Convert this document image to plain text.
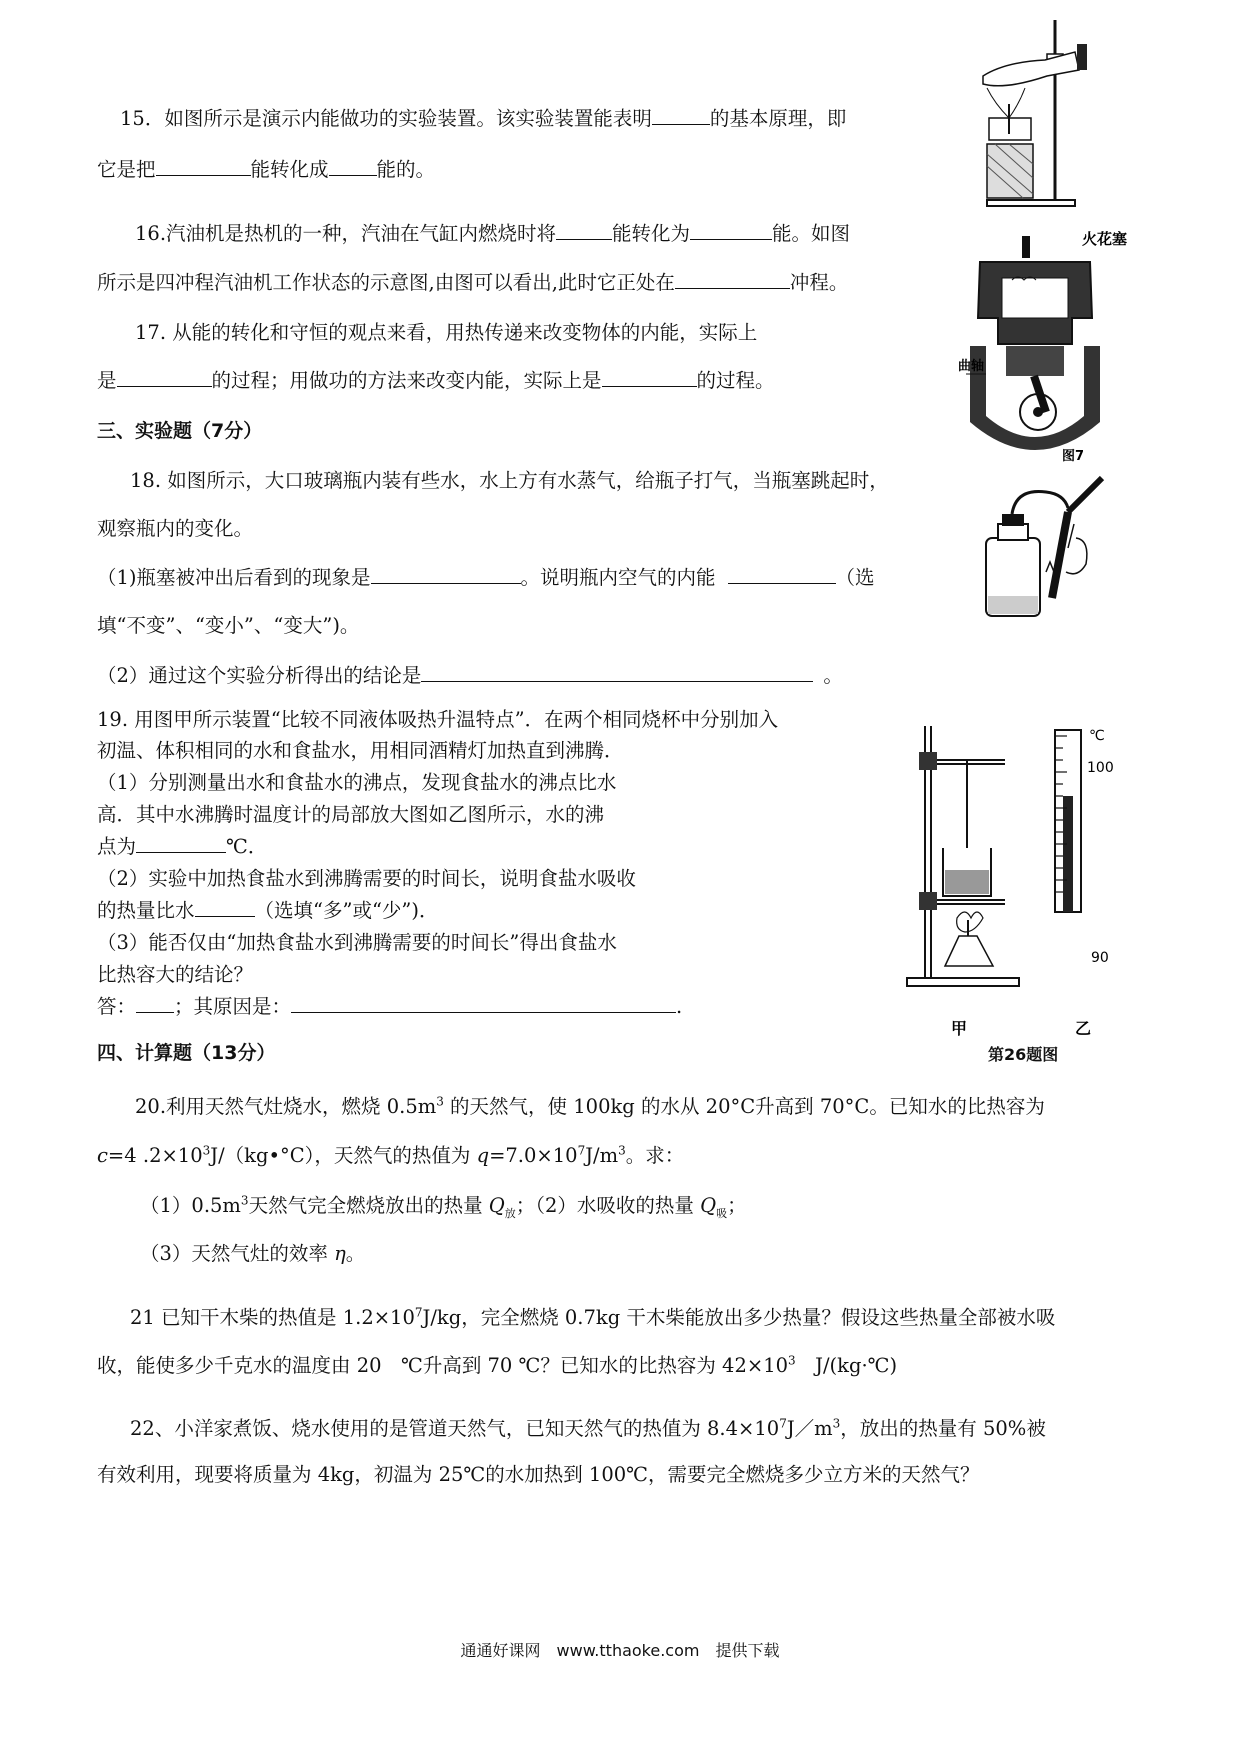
15．如图所示是演示内能做功的实验装置。该实验装置能表明	的基本原理，即
它是把	能转化成 能的。
16.汽油机是热机的一种，汽油在气缸内燃烧时将	能转化为	能。如图
所示是四冲程汽油机工作状态的示意图,由图可以看出,此时它正处在	冲程。
17. 从能的转化和守恒的观点来看，用热传递来改变物体的内能，实际上
是	的过程；用做功的方法来改变内能，实际上是	的过程。
三、实验题（7分）
18. 如图所示，大口玻璃瓶内装有些水，水上方有水蒸气，给瓶子打气，当瓶塞跳起时，
观察瓶内的变化。
（1)瓶塞被冲出后看到的现象是	。说明瓶内空气的内能	（选
填“不变”、“变小”、“变大”)。
（2）通过这个实验分析得出的结论是	。
19. 用图甲所示装置“比较不同液体吸热升温特点”．在两个相同烧杯中分别加入
初温、体积相同的水和食盐水，用相同酒精灯加热直到沸腾．
（1）分别测量出水和食盐水的沸点，发现食盐水的沸点比水
高．其中水沸腾时温度计的局部放大图如乙图所示，水的沸
点为	℃．
（2）实验中加热食盐水到沸腾需要的时间长，说明食盐水吸收
的热量比水	（选填“多”或“少”)．
（3）能否仅由“加热食盐水到沸腾需要的时间长”得出食盐水
比热容大的结论？
答： ；其原因是：	.
四、计算题（13分）
20.利用天然气灶烧水，燃烧 $0.5m^3$ 的天然气，使 100kg 的水从 20°C升高到 70°C。已知水的比热容为
c=4 $.2\times 10^3J/(kg•^\circ C)$，天然气的热值为 $q=7.0\times 10^7J/m^3$。求：
$(1)0.5m^3$天然气完全燃烧放出的热量 $Q_放$；（2）水吸收的热量 $Q_吸$；
（3）天然气灶的效率 η。
21 已知干木柴的热值是 $1.2\times 10^7J/kg$，完全燃烧 0.7kg 干木柴能放出多少热量？假设这些热量全部被水吸
收，能使多少千克水的温度由 20　℃升高到 70 ℃？已知水的比热容为 $42\times 10^3$　J/(kg·℃)
22、小洋家煮饭、烧水使用的是管道天然气，已知天然气的热值为 $8.4\times 10^7J/m^3$，放出的热量有 50%被
有效利用，现要将质量为 4kg，初温为 25℃的水加热到 100℃，需要完全燃烧多少立方米的天然气？
火花塞
曲轴
图7
℃
100
90
甲	乙
第26题图
通通好课网　www.tthaoke.com　提供下载
